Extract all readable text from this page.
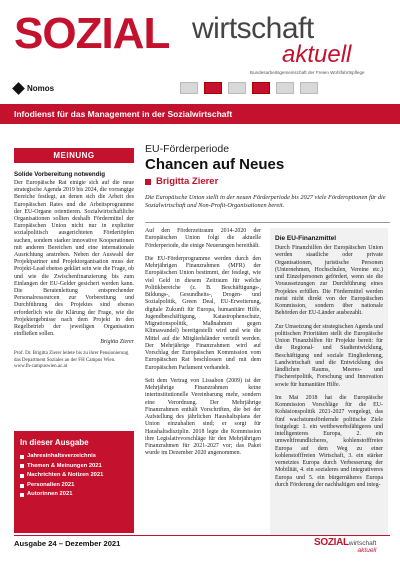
SOZIAL wirtschaft
aktuell
Bundesarbeitsgemeinschaft der Freien Wohlfahrtspflege
Nomos
Infodienst für das Management in der Sozialwirtschaft
MEINUNG
Solide Vorbereitung notwendig

Der Europäische Rat einigte sich auf die neue strategische Agenda 2019 bis 2024, die vorrangige Bereiche festlegt, an denen sich die Arbeit des Europäischen Rates und die Arbeitsprogramme der EU-Organe orientieren. Sozialwirtschaftliche Organisationen sollten deshalb Fördermittel der Europäischen Union nicht nur in expliziter sozialpolitisch ausgerichteten Fördertöpfen suchen, sondern starker innovative Kooperationen mit anderen Bereichen und eine internationale Ausrichtung anstreben. Neben der Auswahl der Projektpartner und Projektorganisation muss der Projekt-Lead ebenso geklärt sein wie die Frage, ob und wie die Zwischenfinanzierung bis zum Einlangen der EU-Gelder gesichert werden kann. Die Beratenleitung entsprechender Personalressourcen zur Vorbereitung und Durchführung des Projektes sind ebenso erforderlich wie die Klärung der Frage, wie die Projektergebnisse nach dem Projekt in den Regelbetrieb der jeweiligen Organisation einfließen sollen.

Brigitta Zierer
Prof. Dr. Brigitta Zierer leitete bis zu ihrer Pensionierung das Department Soziales an der FH Campus Wien. www.fh-campuswien.ac.at
In dieser Ausgabe
Jahresinhaltsverzeichnis
Themen & Meinungen 2021
Nachrichten & Notizen 2021
Personalien 2021
Autorinnen 2021
EU-Förderperiode
Chancen auf Neues
Brigitta Zierer
Die Europäische Union stellt in der neuen Förderperiode bis 2027 viele Förderoptionen für die Sozialwirtschaft und Non-Profit-Organisationen bereit.

Auf den Förderzeitraum 2014-2020 der Europäischen Union folgt die aktuelle Förderperiode, die einige Neuerungen bereithält.

Die EU-Förderprogramme werden durch den Mehrjährigen Finanzrahmen (MFR) der Europäischen Union bestimmt, der festlegt, wie viel Geld in diesem Zeitraum für welche Politikbereiche (z. B. Beschäftigungs-, Bildungs-, Gesundheits-, Drogen- und Sozialpolitik, Green Deal, EU-Erweiterung, digitale Zukunft für Europa, humanitäre Hilfe, Jugendbeschäftigung, Katastrophenschutz, Migrationspolitik, Maßnahmen gegen Klimawandel) bereitgestellt wird und wie die Mittel auf die Mitgliedsländer verteilt werden. Der Mehrjährige Finanzrahmen wird auf Vorschlag der Europäischen Kommission vom Europäischen Rat beschlossen und mit dem Europäischen Parlament verhandelt.

Seit dem Vertrag von Lissabon (2009) ist der Mehrjährige Finanzrahmen keine interinstitutionelle Vereinbarung mehr, sondern eine Verordnung. Der Mehrjährige Finanzrahmen enthält Vorschriften, die bei der Aufstellung des jährlichen Haushaltsplans der Union einzuhalten sind; er sorgt für Haushaltsdisziplin. 2018 legte die Kommission ihre Legislativvorschläge für den Mehrjährigen Finanzrahmen für 2021-2027 vor; das Paket wurde im Dezember 2020 angenommen.

Die EU-Finanzmittel

Durch Finanzhilfen der Europäischen Union werden staatliche oder private Organisationen, juristische Personen (Unternehmen, Hochschulen, Vereine etc.) und Einzelpersonen gefördert, wenn sie die Voraussetzungen zur Durchführung eines Projektes erfüllen. Die Fördermittel werden meist nicht direkt von der Europäischen Kommission, sondern über nationale Behörden der EU-Länder ausbezahlt.

Zur Umsetzung der strategischen Agenda und politischen Prioritäten stellt die Europäische Union Finanzhilfen für Projekte bereit: für die Regional- und Stadtentwicklung, Beschäftigung und soziale Eingliederung, Landwirtschaft und die Entwicklung des ländlichen Raums, Meeres- und Fischereipolitik, Forschung und Innovation sowie für humanitäre Hilfe.

Im Mai 2018 hat die Europäische Kommission Vorschläge für die EU-Kohäsionspolitik 2021-2027 vorgelegt, das fünf wachstumsfördernde politische Ziele festgelegt: 1. ein wettbewerbsfähigeres und intelligenteres Europa, 2. ein umweltfreundlicheres, kohlenstofffreies Europa auf dem Weg zu einer kohlenstofffreien Wirtschaft, 3. ein stärker vernetztes Europa durch Verbesserung der Mobilität, 4. ein sozialeres und integrativeres Europa und 5. ein bürgernäheres Europa durch Förderung der nachhaltigen und integ-

Ausgabe 24 – Dezember 2021	SOZIALwirtschaft
aktuell
